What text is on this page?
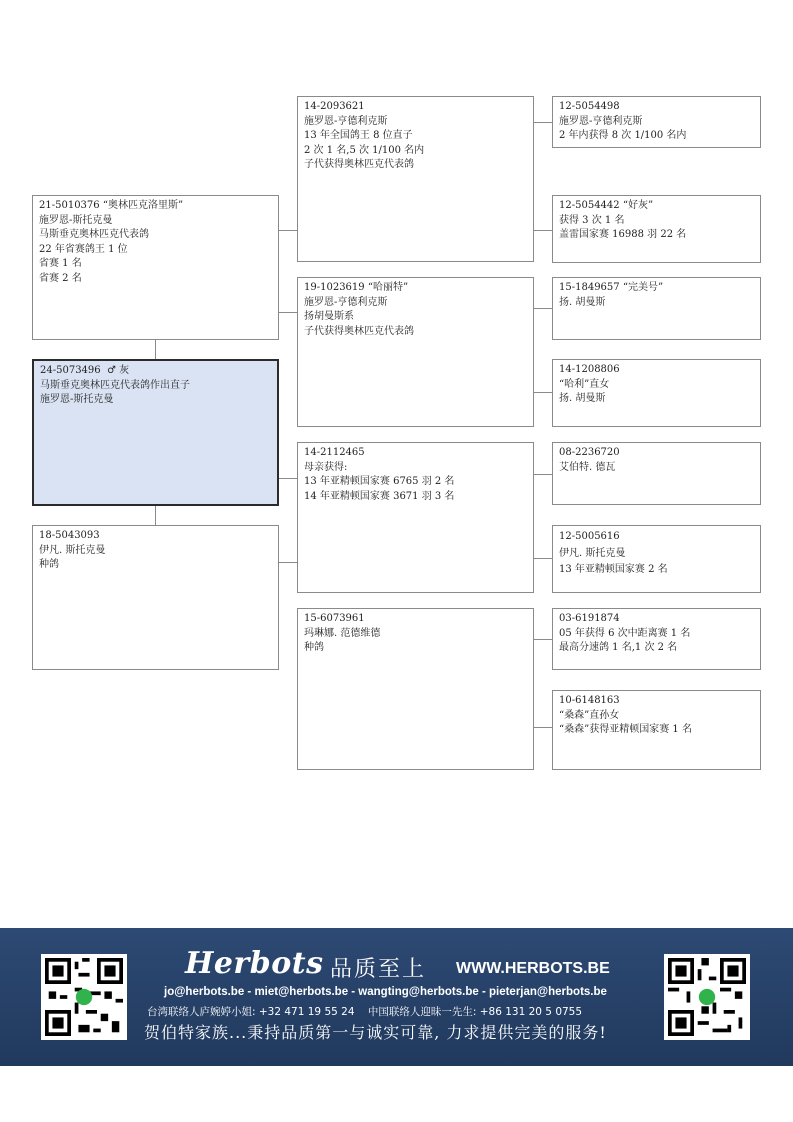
21-5010376 “奥林匹克洛里斯”
施罗恩-斯托克曼
马斯垂克奥林匹克代表鸽
22 年省赛鸽王 1 位
省赛 1 名
省赛 2 名
24-5073496 ♂ 灰
马斯垂克奥林匹克代表鸽作出直子
施罗恩-斯托克曼
18-5043093
伊凡. 斯托克曼
种鸽
14-2093621
施罗恩-亨德利克斯
13 年全国鸽王 8 位直子
2 次 1 名,5 次 1/100 名内
子代获得奥林匹克代表鸽
19-1023619 “哈丽特”
施罗恩-亨德利克斯
扬胡曼斯系
子代获得奥林匹克代表鸽
14-2112465
母亲获得:
13 年亚精顿国家赛 6765 羽 2 名
14 年亚精顿国家赛 3671 羽 3 名
15-6073961
玛琳娜. 范德维德
种鸽
12-5054498
施罗恩-亨德利克斯
2 年内获得 8 次 1/100 名内
12-5054442 “好灰”
获得 3 次 1 名
盖雷国家赛 16988 羽 22 名
15-1849657 “完美号”
扬. 胡曼斯
14-1208806
“哈利”直女
扬. 胡曼斯
08-2236720
艾伯特. 德瓦
12-5005616
伊凡. 斯托克曼
13 年亚精顿国家赛 2 名
03-6191874
05 年获得 6 次中距离赛 1 名
最高分速鸽 1 名,1 次 2 名
10-6148163
“桑森”直孙女
“桑森”获得亚精顿国家赛 1 名
Herbots 品质至上 WWW.HERBOTS.BE
jo@herbots.be - miet@herbots.be - wangting@herbots.be - pieterjan@herbots.be
台湾联络人庐婉婷小姐: +32 471 19 55 24 中国联络人迎昧一先生: +86 131 20 5 0755
贺伯特家族...秉持品质第一与诚实可靠, 力求提供完美的服务!
